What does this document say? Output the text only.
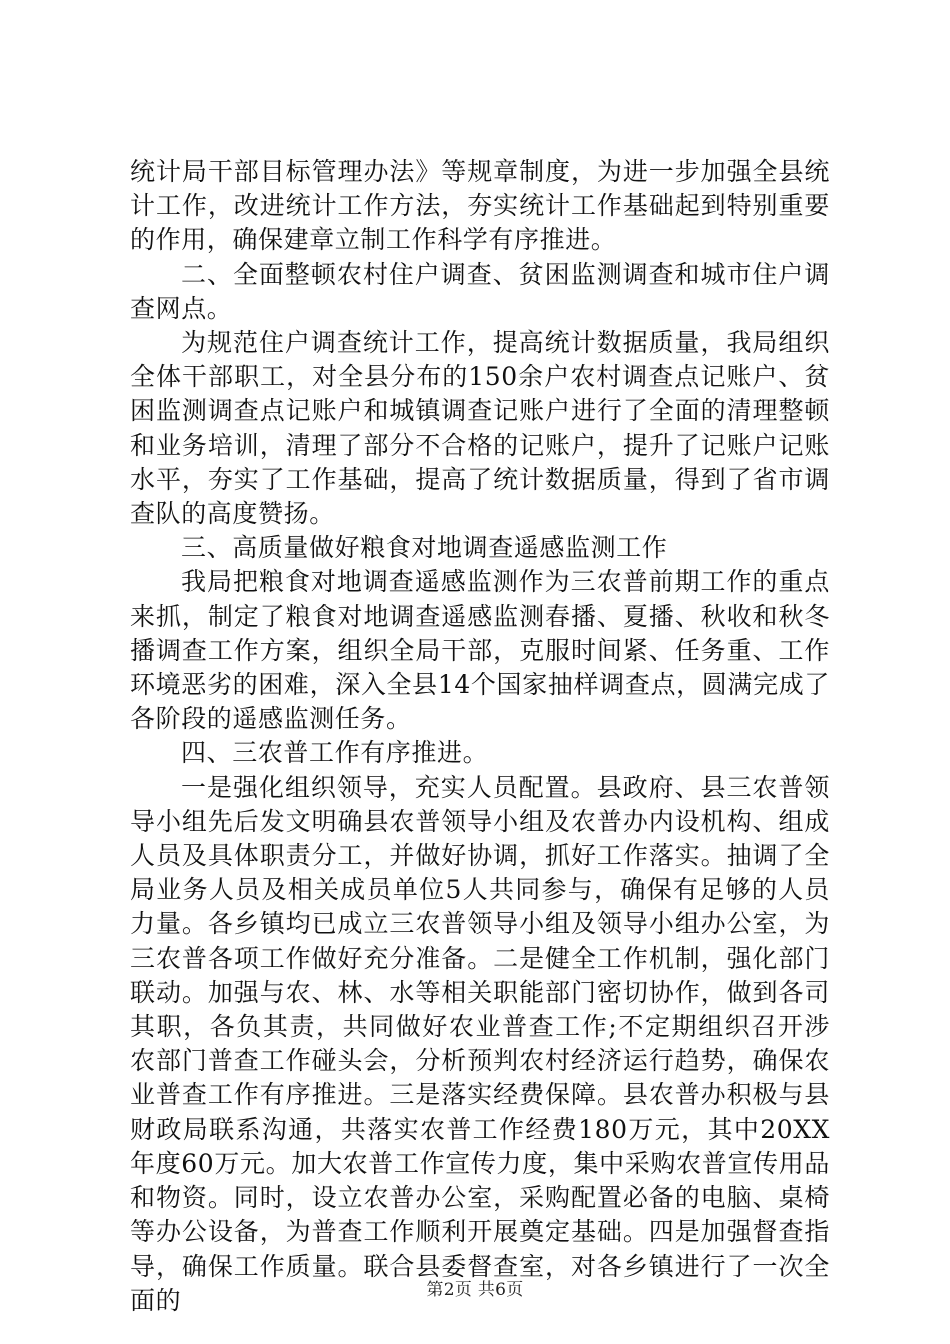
统计局干部目标管理办法》等规章制度，为进一步加强全县统计工作，改进统计工作方法，夯实统计工作基础起到特别重要的作用，确保建章立制工作科学有序推进。

二、全面整顿农村住户调查、贫困监测调查和城市住户调查网点。

为规范住户调查统计工作，提高统计数据质量，我局组织全体干部职工，对全县分布的150余户农村调查点记账户、贫困监测调查点记账户和城镇调查记账户进行了全面的清理整顿和业务培训，清理了部分不合格的记账户，提升了记账户记账水平，夯实了工作基础，提高了统计数据质量，得到了省市调查队的高度赞扬。

三、高质量做好粮食对地调查遥感监测工作

我局把粮食对地调查遥感监测作为三农普前期工作的重点来抓，制定了粮食对地调查遥感监测春播、夏播、秋收和秋冬播调查工作方案，组织全局干部，克服时间紧、任务重、工作环境恶劣的困难，深入全县14个国家抽样调查点，圆满完成了各阶段的遥感监测任务。

四、三农普工作有序推进。

一是强化组织领导，充实人员配置。县政府、县三农普领导小组先后发文明确县农普领导小组及农普办内设机构、组成人员及具体职责分工，并做好协调，抓好工作落实。抽调了全局业务人员及相关成员单位5人共同参与，确保有足够的人员力量。各乡镇均已成立三农普领导小组及领导小组办公室，为三农普各项工作做好充分准备。二是健全工作机制，强化部门联动。加强与农、林、水等相关职能部门密切协作，做到各司其职，各负其责，共同做好农业普查工作;不定期组织召开涉农部门普查工作碰头会，分析预判农村经济运行趋势，确保农业普查工作有序推进。三是落实经费保障。县农普办积极与县财政局联系沟通，共落实农普工作经费180万元，其中20XX年度60万元。加大农普工作宣传力度，集中采购农普宣传用品和物资。同时，设立农普办公室，采购配置必备的电脑、桌椅等办公设备，为普查工作顺利开展奠定基础。四是加强督查指导，确保工作质量。联合县委督查室，对各乡镇进行了一次全面的	第2页 共6页
